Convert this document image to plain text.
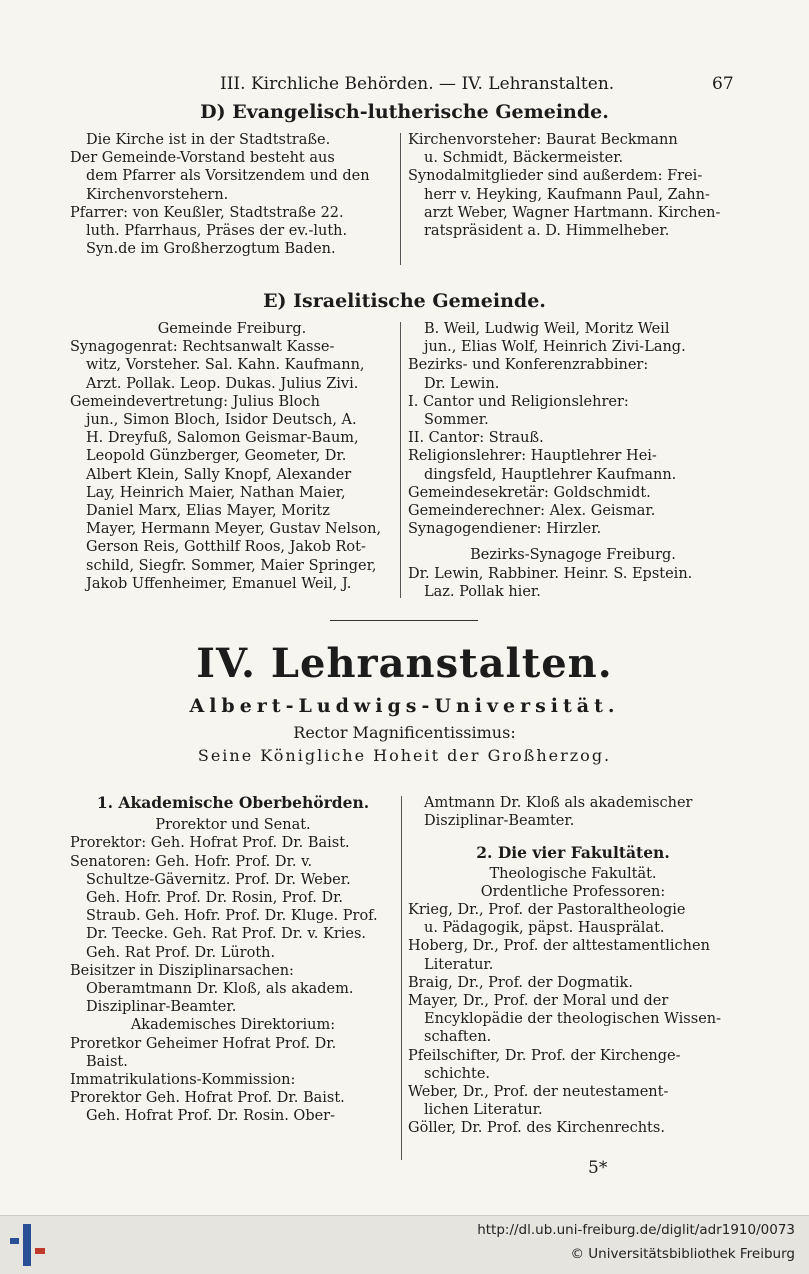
III. Kirchliche Behörden. — IV. Lehranstalten.	67
D) Evangelisch-lutherische Gemeinde.

Die Kirche ist in der Stadtstraße.

Der Gemeinde-Vorstand besteht aus

dem Pfarrer als Vorsitzendem und den

Kirchenvorstehern.

Pfarrer: von Keußler, Stadtstraße 22.

luth. Pfarrhaus, Präses der ev.-luth.

Syn.de im Großherzogtum Baden.

Kirchenvorsteher: Baurat Beckmann

u. Schmidt, Bäckermeister.

Synodalmitglieder sind außerdem: Frei-

herr v. Heyking, Kaufmann Paul, Zahn-

arzt Weber, Wagner Hartmann. Kirchen-

ratspräsident a. D. Himmelheber.

E) Israelitische Gemeinde.

Gemeinde Freiburg.

Synagogenrat: Rechtsanwalt Kasse-

witz, Vorsteher. Sal. Kahn. Kaufmann,

Arzt. Pollak. Leop. Dukas. Julius Zivi.

Gemeindevertretung: Julius Bloch

jun., Simon Bloch, Isidor Deutsch, A.

H. Dreyfuß, Salomon Geismar-Baum,

Leopold Günzberger, Geometer, Dr.

Albert Klein, Sally Knopf, Alexander

Lay, Heinrich Maier, Nathan Maier,

Daniel Marx, Elias Mayer, Moritz

Mayer, Hermann Meyer, Gustav Nelson,

Gerson Reis, Gotthilf Roos, Jakob Rot-

schild, Siegfr. Sommer, Maier Springer,

Jakob Uffenheimer, Emanuel Weil, J.

B. Weil, Ludwig Weil, Moritz Weil

jun., Elias Wolf, Heinrich Zivi-Lang.

Bezirks- und Konferenzrabbiner:

Dr. Lewin.

I. Cantor und Religionslehrer:

Sommer.

II. Cantor: Strauß.

Religionslehrer: Hauptlehrer Hei-

dingsfeld, Hauptlehrer Kaufmann.

Gemeindesekretär: Goldschmidt.

Gemeinderechner: Alex. Geismar.

Synagogendiener: Hirzler.

Bezirks-Synagoge Freiburg.

Dr. Lewin, Rabbiner. Heinr. S. Epstein.

Laz. Pollak hier.

IV. Lehranstalten.
Albert-Ludwigs-Universität.
Rector Magnificentissimus:
Seine Königliche Hoheit der Großherzog.

1. Akademische Oberbehörden.

Prorektor und Senat.

Prorektor: Geh. Hofrat Prof. Dr. Baist.

Senatoren: Geh. Hofr. Prof. Dr. v.

Schultze-Gävernitz. Prof. Dr. Weber.

Geh. Hofr. Prof. Dr. Rosin, Prof. Dr.

Straub. Geh. Hofr. Prof. Dr. Kluge. Prof.

Dr. Teecke. Geh. Rat Prof. Dr. v. Kries.

Geh. Rat Prof. Dr. Lüroth.

Beisitzer in Disziplinarsachen:

Oberamtmann Dr. Kloß, als akadem.

Disziplinar-Beamter.

Akademisches Direktorium:

Proretkor Geheimer Hofrat Prof. Dr.

Baist.

Immatrikulations-Kommission:

Prorektor Geh. Hofrat Prof. Dr. Baist.

Geh. Hofrat Prof. Dr. Rosin. Ober-

Amtmann Dr. Kloß als akademischer

Disziplinar-Beamter.

2. Die vier Fakultäten.

Theologische Fakultät.

Ordentliche Professoren:

Krieg, Dr., Prof. der Pastoraltheologie

u. Pädagogik, päpst. Hausprälat.

Hoberg, Dr., Prof. der alttestamentlichen

Literatur.

Braig, Dr., Prof. der Dogmatik.

Mayer, Dr., Prof. der Moral und der

Encyklopädie der theologischen Wissen-

schaften.

Pfeilschifter, Dr. Prof. der Kirchenge-

schichte.

Weber, Dr., Prof. der neutestament-

lichen Literatur.

Göller, Dr. Prof. des Kirchenrechts.

5*
http://dl.ub.uni-freiburg.de/diglit/adr1910/0073
© Universitätsbibliothek Freiburg
